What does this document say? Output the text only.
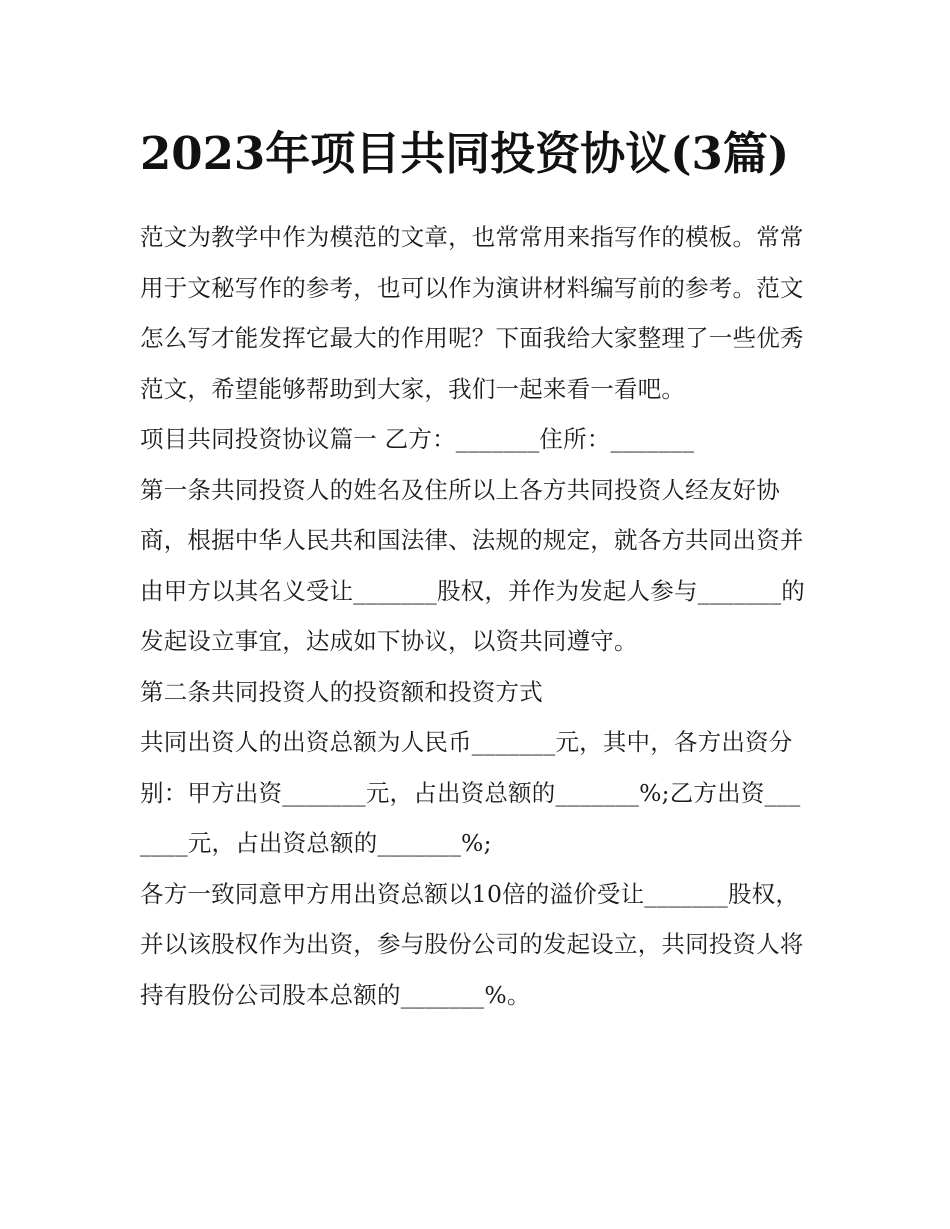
2023年项目共同投资协议(3篇)

范文为教学中作为模范的文章，也常常用来指写作的模板。常常用于文秘写作的参考，也可以作为演讲材料编写前的参考。范文怎么写才能发挥它最大的作用呢？下面我给大家整理了一些优秀范文，希望能够帮助到大家，我们一起来看一看吧。

项目共同投资协议篇一 乙方：_______住所：_______

第一条共同投资人的姓名及住所以上各方共同投资人经友好协商，根据中华人民共和国法律、法规的规定，就各方共同出资并由甲方以其名义受让_______股权，并作为发起人参与_______的发起设立事宜，达成如下协议，以资共同遵守。

第二条共同投资人的投资额和投资方式

共同出资人的出资总额为人民币_______元，其中，各方出资分别：甲方出资_______元，占出资总额的_______%;乙方出资_______元，占出资总额的_______%;

各方一致同意甲方用出资总额以10倍的溢价受让_______股权，并以该股权作为出资，参与股份公司的发起设立，共同投资人将持有股份公司股本总额的_______%。
